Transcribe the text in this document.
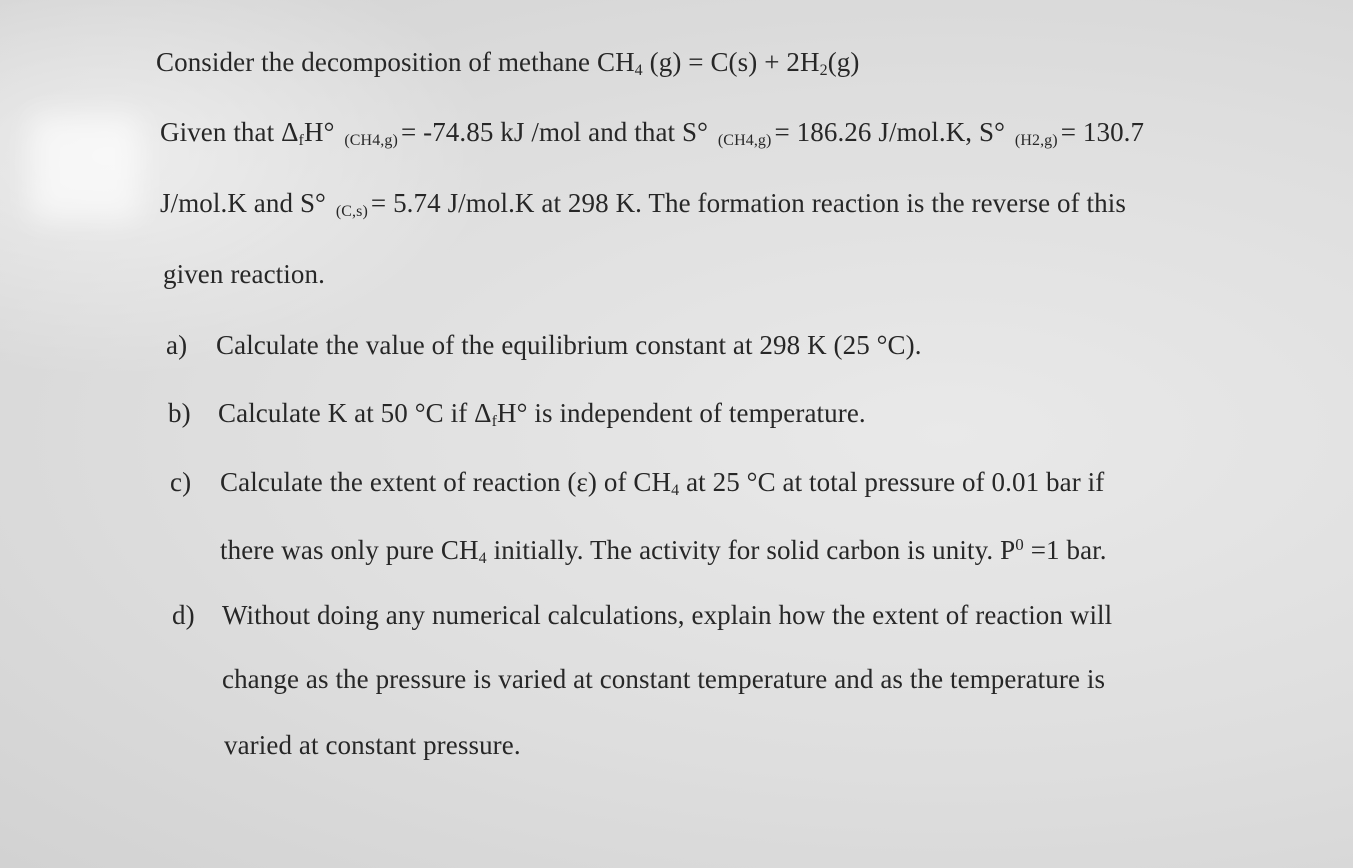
Consider the decomposition of methane $CH_4$ $(g) = C(s) + 2H_2(g)$
Given that $\Delta_fH^\circ$ $_{(CH4,g)}$ = -74.85 kJ /mol and that S° $_{(CH4,g)}$ = 186.26 J/mol.K, S° $_{(H2,g)}$ = 130.7
J/mol.K and S° $_{(C,s)}$ = 5.74 J/mol.K at 298 K. The formation reaction is the reverse of this
given reaction.
a) Calculate the value of the equilibrium constant at 298 K (25 °C).
b) Calculate K at 50 °C if $\Delta_fH^\circ$ is independent of temperature.
c) Calculate the extent of reaction (ε) of $CH_4$ at 25 °C at total pressure of 0.01 bar if
there was only pure $CH_4$ initially. The activity for solid carbon is unity. $P^0 =1$ bar.
d) Without doing any numerical calculations, explain how the extent of reaction will
change as the pressure is varied at constant temperature and as the temperature is
varied at constant pressure.
